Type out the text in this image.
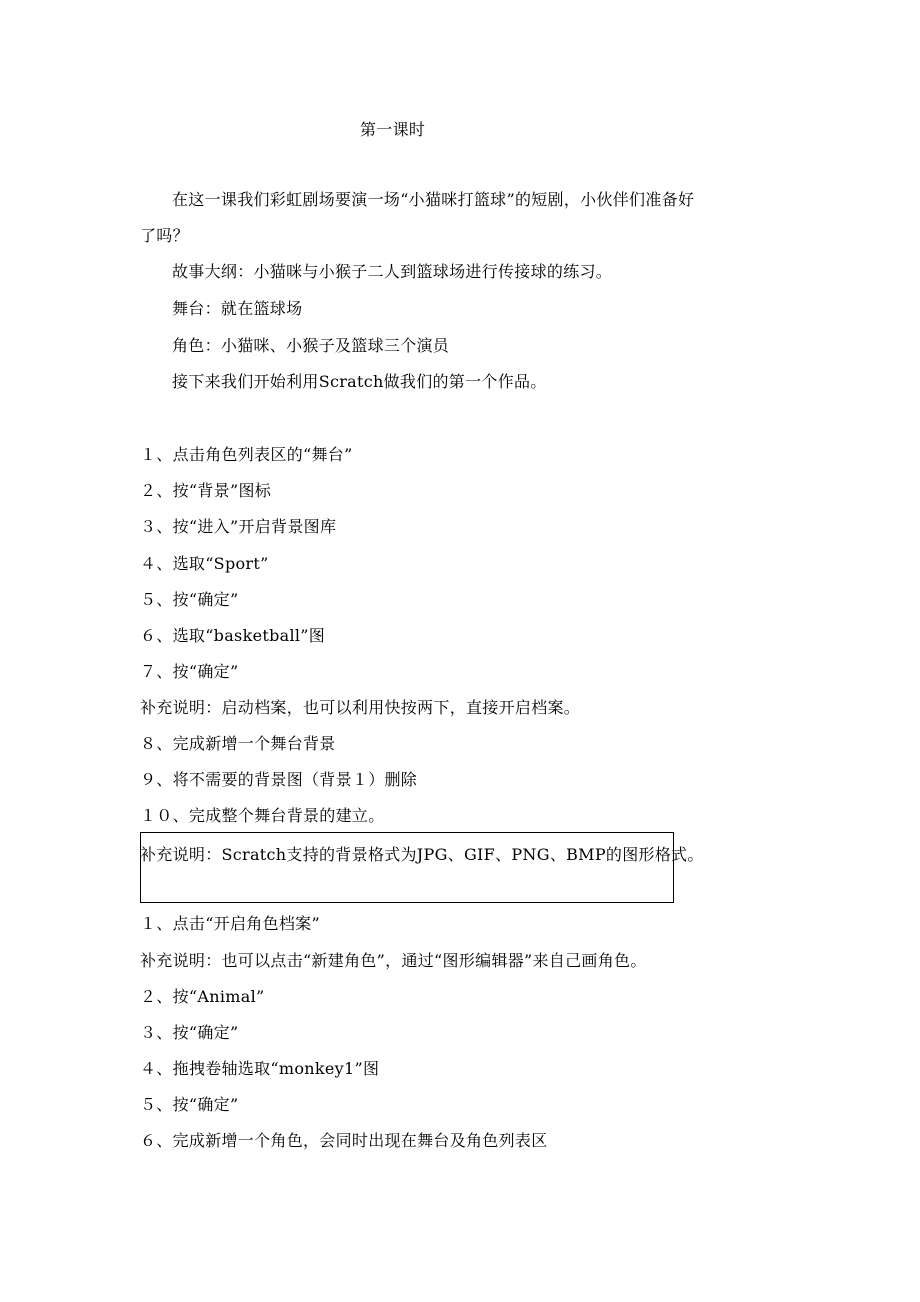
第一课时
在这一课我们彩虹剧场要演一场“小猫咪打篮球”的短剧，小伙伴们准备好
了吗？
故事大纲：小猫咪与小猴子二人到篮球场进行传接球的练习。
舞台：就在篮球场
角色：小猫咪、小猴子及篮球三个演员
接下来我们开始利用Scratch做我们的第一个作品。
１、点击角色列表区的“舞台”
２、按“背景”图标
３、按“进入”开启背景图库
４、选取“Sport”
５、按“确定”
６、选取“basketball”图
７、按“确定”
补充说明：启动档案，也可以利用快按两下，直接开启档案。
８、完成新增一个舞台背景
９、将不需要的背景图（背景１）删除
１０、完成整个舞台背景的建立。
补充说明：Scratch支持的背景格式为JPG、GIF、PNG、BMP的图形格式。
１、点击“开启角色档案”
补充说明：也可以点击“新建角色”，通过“图形编辑器”来自己画角色。
２、按“Animal”
３、按“确定”
４、拖拽卷轴选取“monkey1”图
５、按“确定”
６、完成新增一个角色，会同时出现在舞台及角色列表区
